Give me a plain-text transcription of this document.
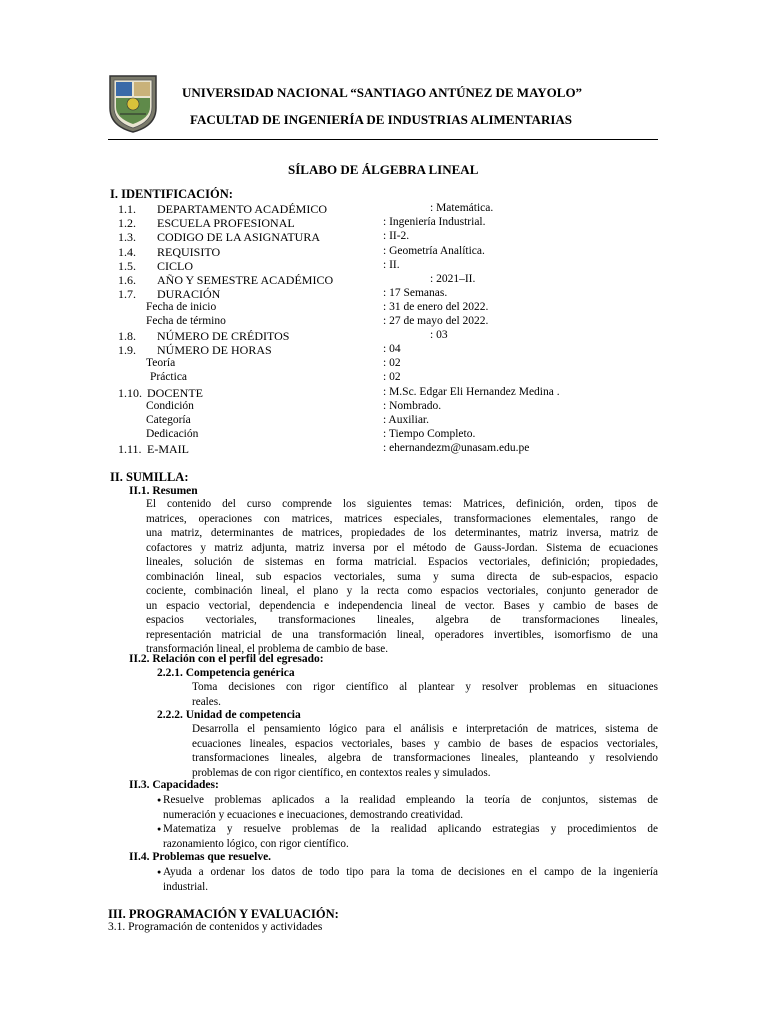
UNIVERSIDAD NACIONAL “SANTIAGO ANTÚNEZ DE MAYOLO”
FACULTAD DE INGENIERÍA DE INDUSTRIAS ALIMENTARIAS
SÍLABO DE ÁLGEBRA LINEAL
I. IDENTIFICACIÓN:
1.1. DEPARTAMENTO ACADÉMICO	: Matemática.
1.2. ESCUELA PROFESIONAL	: Ingeniería Industrial.
1.3. CODIGO DE LA ASIGNATURA	: II-2.
1.4. REQUISITO	: Geometría Analítica.
1.5. CICLO	: II.
1.6. AÑO Y SEMESTRE ACADÉMICO	: 2021–II.
1.7. DURACIÓN	: 17 Semanas.
Fecha de inicio	: 31 de enero del 2022.
Fecha de término	: 27 de mayo del 2022.
1.8. NÚMERO DE CRÉDITOS	: 03
1.9. NÚMERO DE HORAS	: 04
Teoría	: 02
Práctica	: 02
1.10. DOCENTE	: M.Sc. Edgar Eli Hernandez Medina .
Condición	: Nombrado.
Categoría	: Auxiliar.
Dedicación	: Tiempo Completo.
1.11. E-MAIL	: ehernandezm@unasam.edu.pe
II. SUMILLA:
II.1. Resumen
El contenido del curso comprende los siguientes temas: Matrices, definición, orden, tipos de
matrices, operaciones con matrices, matrices especiales, transformaciones elementales, rango de
una matriz, determinantes de matrices, propiedades de los determinantes, matriz inversa, matriz de
cofactores y matriz adjunta, matriz inversa por el método de Gauss-Jordan. Sistema de ecuaciones
lineales, solución de sistemas en forma matricial. Espacios vectoriales, definición; propiedades,
combinación lineal, sub espacios vectoriales, suma y suma directa de sub-espacios, espacio
cociente, combinación lineal, el plano y la recta como espacios vectoriales, conjunto generador de
un espacio vectorial, dependencia e independencia lineal de vector. Bases y cambio de bases de
espacios vectoriales, transformaciones lineales, algebra de transformaciones lineales,
representación matricial de una transformación lineal, operadores invertibles, isomorfismo de una
transformación lineal, el problema de cambio de base.
II.2. Relación con el perfil del egresado:
2.2.1. Competencia genérica
Toma decisiones con rigor científico al plantear y resolver problemas en situaciones
reales.
2.2.2. Unidad de competencia
Desarrolla el pensamiento lógico para el análisis e interpretación de matrices, sistema de
ecuaciones lineales, espacios vectoriales, bases y cambio de bases de espacios vectoriales,
transformaciones lineales, algebra de transformaciones lineales, planteando y resolviendo
problemas de con rigor científico, en contextos reales y simulados.
II.3. Capacidades:
● Resuelve problemas aplicados a la realidad empleando la teoría de conjuntos, sistemas de
numeración y ecuaciones e inecuaciones, demostrando creatividad.
● Matematiza y resuelve problemas de la realidad aplicando estrategias y procedimientos de
razonamiento lógico, con rigor científico.
II.4. Problemas que resuelve.
● Ayuda a ordenar los datos de todo tipo para la toma de decisiones en el campo de la ingeniería
industrial.
III. PROGRAMACIÓN Y EVALUACIÓN:
3.1. Programación de contenidos y actividades
